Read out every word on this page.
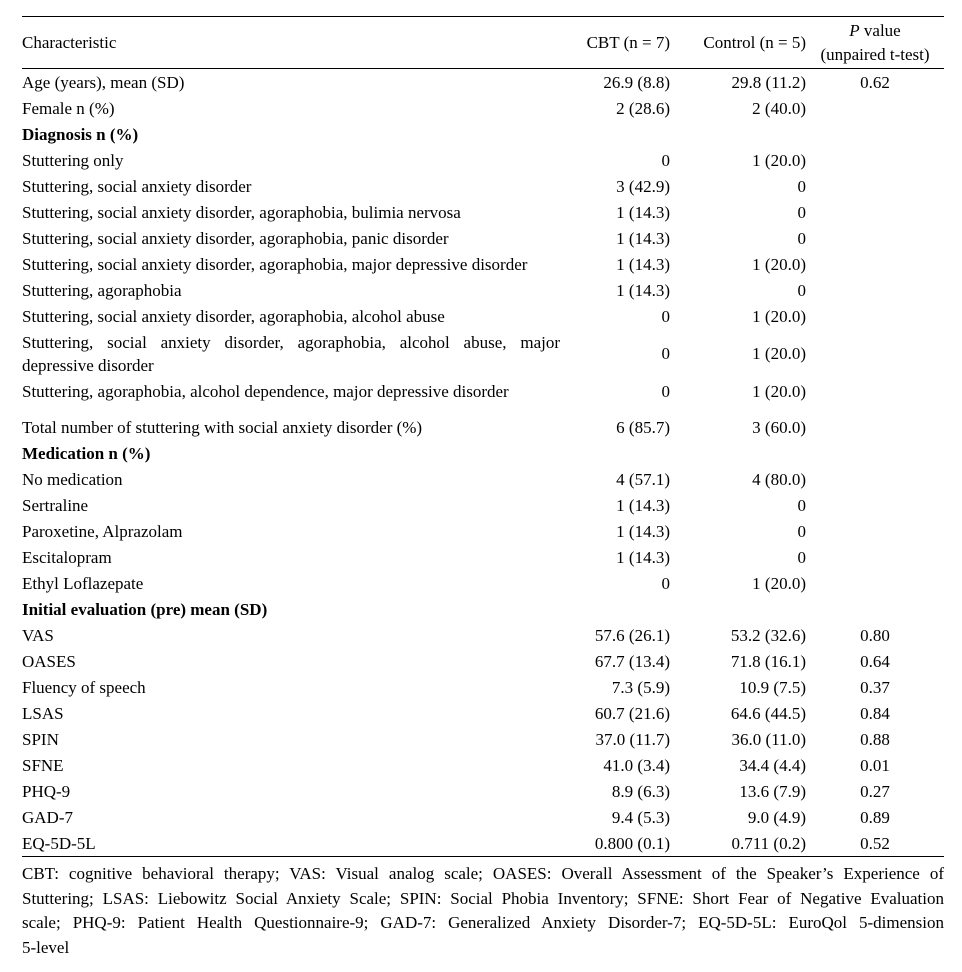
Characteristic	CBT (n = 7)	Control (n = 5)	P value
(unpaired t-test)

Age (years), mean (SD)	26.9 (8.8)	29.8 (11.2)	0.62
Female n (%)	2 (28.6)	2 (40.0)	
Diagnosis n (%)			
Stuttering only	0	1 (20.0)	
Stuttering, social anxiety disorder	3 (42.9)	0	
Stuttering, social anxiety disorder, agoraphobia, bulimia nervosa	1 (14.3)	0	
Stuttering, social anxiety disorder, agoraphobia, panic disorder	1 (14.3)	0	
Stuttering, social anxiety disorder, agoraphobia, major depressive disorder	1 (14.3)	1 (20.0)	
Stuttering, agoraphobia	1 (14.3)	0	
Stuttering, social anxiety disorder, agoraphobia, alcohol abuse	0	1 (20.0)	
Stuttering, social anxiety disorder, agoraphobia, alcohol abuse, major depressive disorder	0	1 (20.0)	
Stuttering, agoraphobia, alcohol dependence, major depressive disorder	0	1 (20.0)	
Total number of stuttering with social anxiety disorder (%)	6 (85.7)	3 (60.0)	
Medication n (%)			
No medication	4 (57.1)	4 (80.0)	
Sertraline	1 (14.3)	0	
Paroxetine, Alprazolam	1 (14.3)	0	
Escitalopram	1 (14.3)	0	
Ethyl Loflazepate	0	1 (20.0)	
Initial evaluation (pre) mean (SD)			
VAS	57.6 (26.1)	53.2 (32.6)	0.80
OASES	67.7 (13.4)	71.8 (16.1)	0.64
Fluency of speech	7.3 (5.9)	10.9 (7.5)	0.37
LSAS	60.7 (21.6)	64.6 (44.5)	0.84
SPIN	37.0 (11.7)	36.0 (11.0)	0.88
SFNE	41.0 (3.4)	34.4 (4.4)	0.01
PHQ-9	8.9 (6.3)	13.6 (7.9)	0.27
GAD-7	9.4 (5.3)	9.0 (4.9)	0.89
EQ-5D-5L	0.800 (0.1)	0.711 (0.2)	0.52
CBT: cognitive behavioral therapy; VAS: Visual analog scale; OASES: Overall Assessment of the Speaker’s Experience of
Stuttering; LSAS: Liebowitz Social Anxiety Scale; SPIN: Social Phobia Inventory; SFNE: Short Fear of Negative Evaluation
scale; PHQ-9: Patient Health Questionnaire-9; GAD-7: Generalized Anxiety Disorder-7; EQ-5D-5L: EuroQol 5-dimension
5-level
